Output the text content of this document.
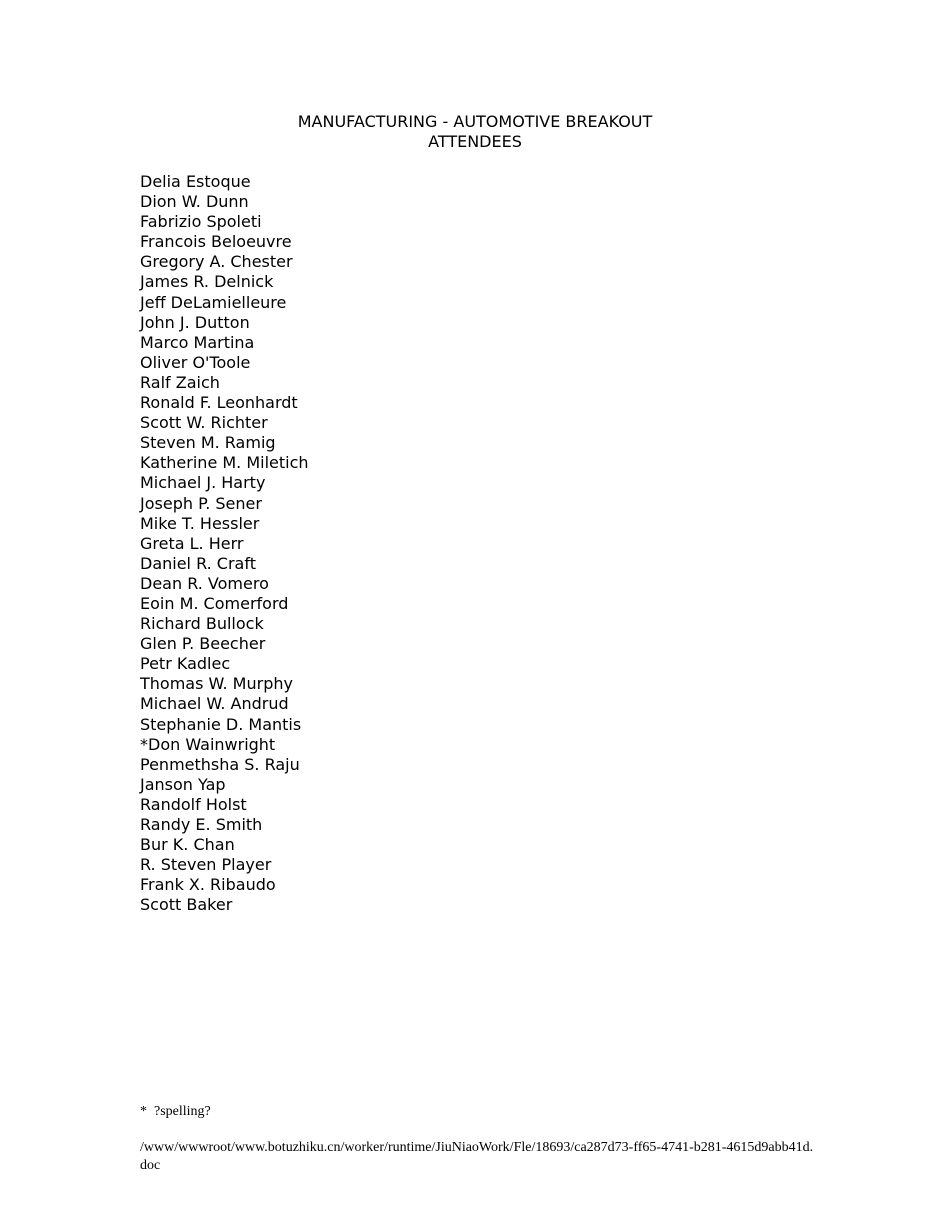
MANUFACTURING - AUTOMOTIVE BREAKOUT
ATTENDEES
Delia Estoque
Dion W. Dunn
Fabrizio Spoleti
Francois Beloeuvre
Gregory A. Chester
James R. Delnick
Jeff DeLamielleure
John J. Dutton
Marco Martina
Oliver O'Toole
Ralf Zaich
Ronald F. Leonhardt
Scott W. Richter
Steven M. Ramig
Katherine M. Miletich
Michael J. Harty
Joseph P. Sener
Mike T. Hessler
Greta L. Herr
Daniel R. Craft
Dean R. Vomero
Eoin M. Comerford
Richard Bullock
Glen P. Beecher
Petr Kadlec
Thomas W. Murphy
Michael W. Andrud
Stephanie D. Mantis
*Don Wainwright
Penmethsha S. Raju
Janson Yap
Randolf Holst
Randy E. Smith
Bur K. Chan
R. Steven Player
Frank X. Ribaudo
Scott Baker
*  ?spelling?
/www/wwwroot/www.botuzhiku.cn/worker/runtime/JiuNiaoWork/Fle/18693/ca287d73-ff65-4741-b281-4615d9abb41d.doc
